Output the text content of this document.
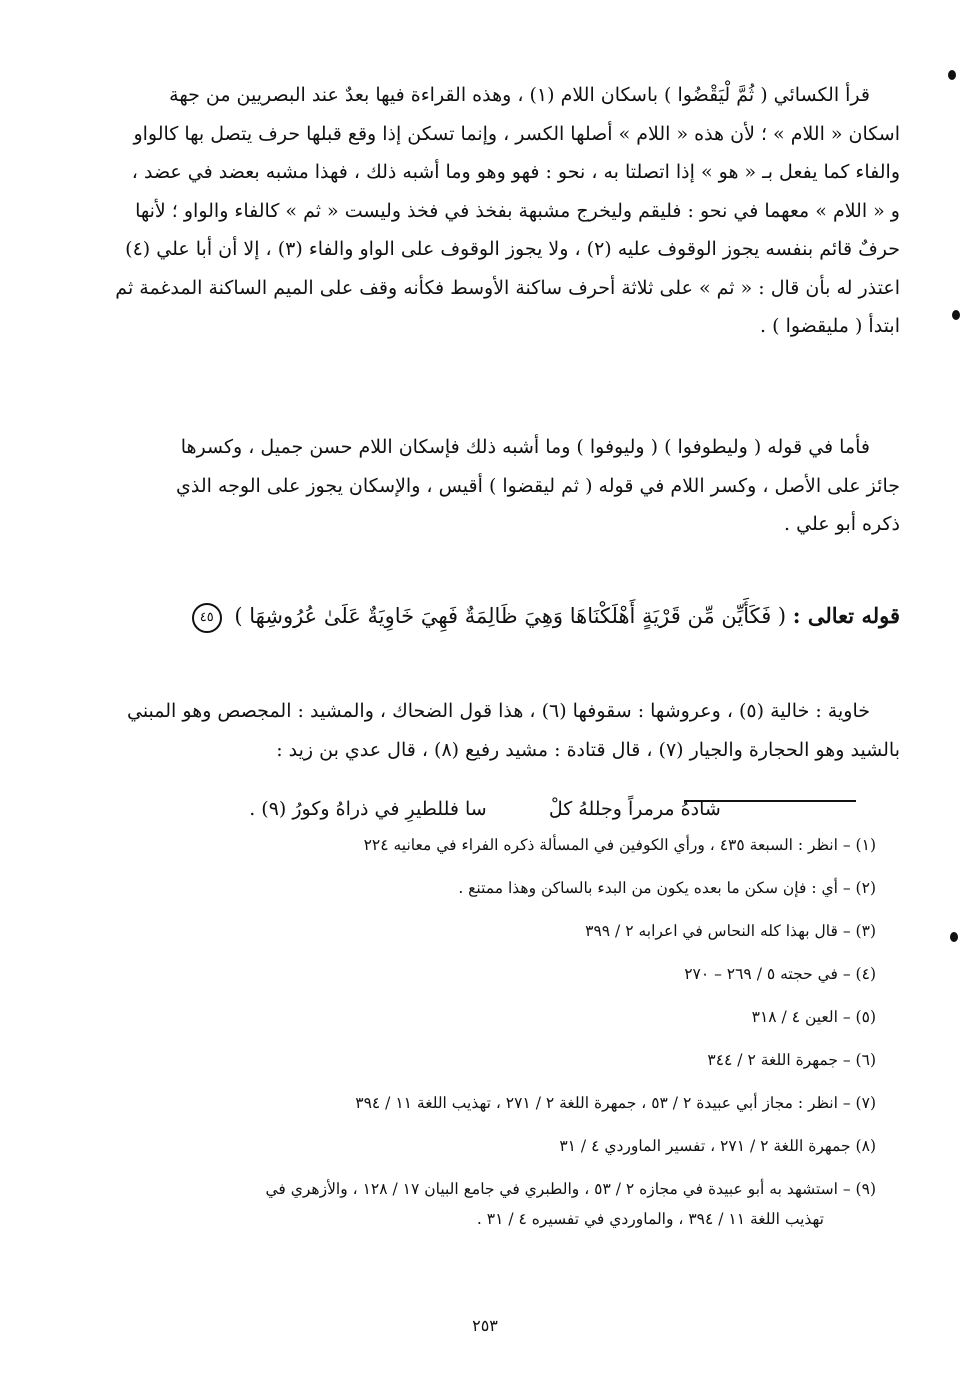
قرأ الكسائي ( ثُمَّ لْيَقْضُوا ) باسكان اللام (١) ، وهذه القراءة فيها بعدٌ عند البصريين من جهة

اسكان « اللام » ؛ لأن هذه « اللام » أصلها الكسر ، وإنما تسكن إذا وقع قبلها حرف يتصل بها كالواو

والفاء كما يفعل بـ « هو » إذا اتصلتا به ، نحو : فهو وهو وما أشبه ذلك ، فهذا مشبه بعضد في عضد ،

و « اللام » معهما في نحو : فليقم وليخرج مشبهة بفخذ في فخذ وليست « ثم » كالفاء والواو ؛ لأنها

حرفٌ قائم بنفسه يجوز الوقوف عليه (٢) ، ولا يجوز الوقوف على الواو والفاء (٣) ، إلا أن أبا علي (٤)

اعتذر له بأن قال : « ثم » على ثلاثة أحرف ساكنة الأوسط فكأنه وقف على الميم الساكنة المدغمة ثم

ابتدأ ( مليقضوا ) .

فأما في قوله ( وليطوفوا ) ( وليوفوا ) وما أشبه ذلك فإسكان اللام حسن جميل ، وكسرها

جائز على الأصل ، وكسر اللام في قوله ( ثم ليقضوا ) أقيس ، والإسكان يجوز على الوجه الذي

ذكره أبو علي .

قوله تعالى : ( فَكَأَيِّن مِّن قَرْيَةٍ أَهْلَكْنَاهَا وَهِيَ ظَالِمَةٌ فَهِيَ خَاوِيَةٌ عَلَىٰ عُرُوشِهَا ) ٤٥

خاوية : خالية (٥) ، وعروشها : سقوفها (٦) ، هذا قول الضحاك ، والمشيد : المجصص وهو المبني

بالشيد وهو الحجارة والجيار (٧) ، قال قتادة : مشيد رفيع (٨) ، قال عدي بن زيد :

شادهُ مرمراً وجللهُ كلْ  سا فللطيرِ في ذراهُ وكورُ (٩) .
(١) – انظر : السبعة ٤٣٥ ، ورأي الكوفين في المسألة ذكره الفراء في معانيه ٢٢٤
(٢) – أي : فإن سكن ما بعده يكون من البدء بالساكن وهذا ممتنع .
(٣) – قال بهذا كله النحاس في اعرابه ٢ / ٣٩٩
(٤) – في حجته ٥ / ٢٦٩ – ٢٧٠
(٥) – العين ٤ / ٣١٨
(٦) – جمهرة اللغة ٢ / ٣٤٤
(٧) – انظر : مجاز أبي عبيدة ٢ / ٥٣ ، جمهرة اللغة ٢ / ٢٧١ ، تهذيب اللغة ١١ / ٣٩٤
(٨) جمهرة اللغة ٢ / ٢٧١ ، تفسير الماوردي ٤ / ٣١
(٩) – استشهد به أبو عبيدة في مجازه ٢ / ٥٣ ، والطبري في جامع البيان ١٧ / ١٢٨ ، والأزهري في
تهذيب اللغة ١١ / ٣٩٤ ، والماوردي في تفسيره ٤ / ٣١ .
٢٥٣
